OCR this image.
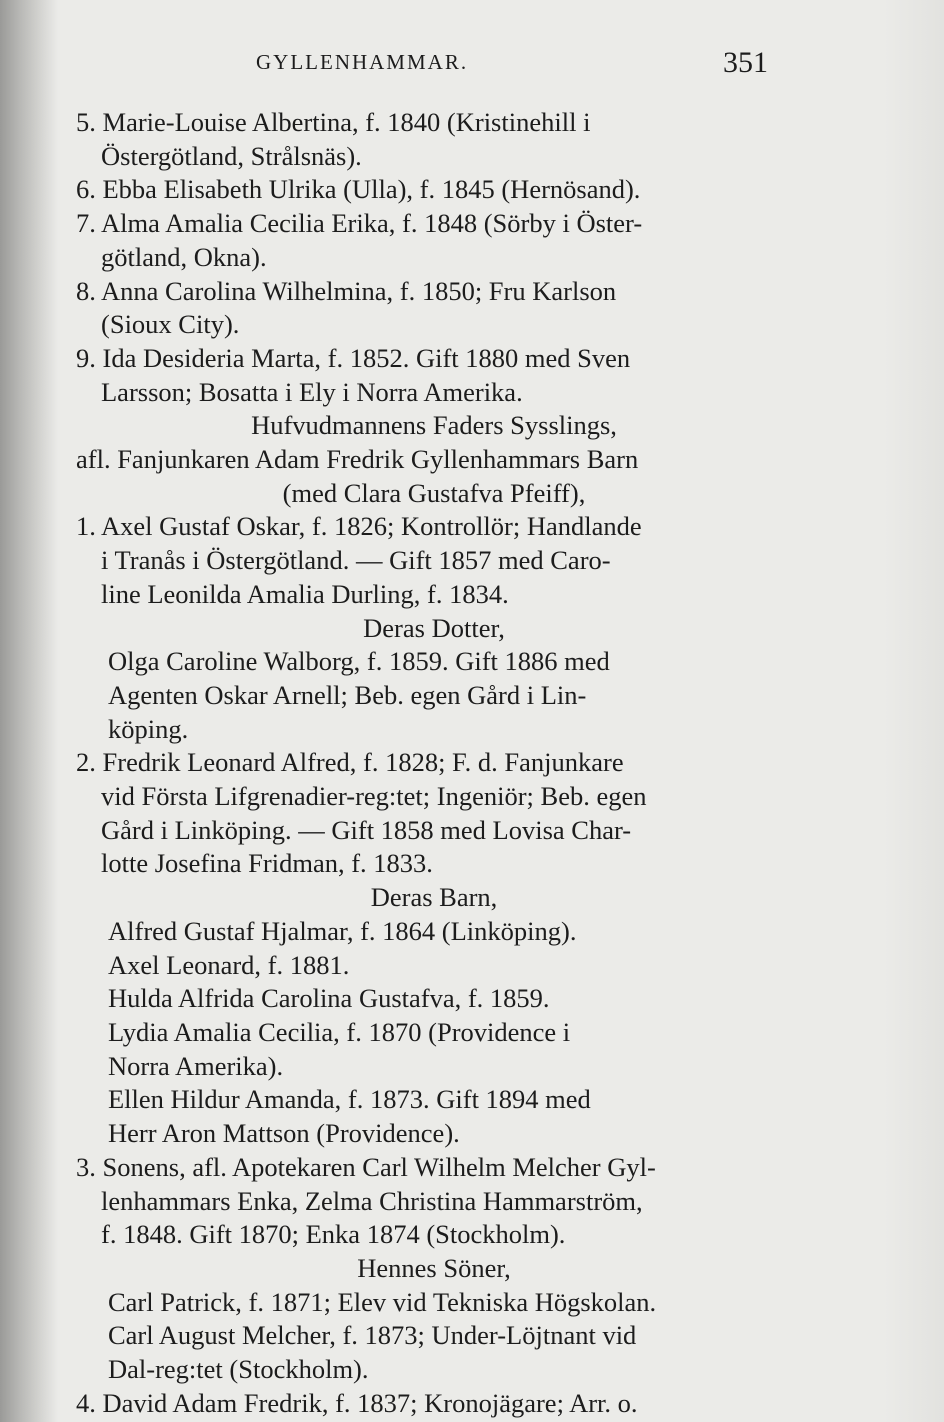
GYLLENHAMMAR.	351
5. Marie-Louise Albertina, f. 1840 (Kristinehill i
Östergötland, Strålsnäs).
6. Ebba Elisabeth Ulrika (Ulla), f. 1845 (Hernösand).
7. Alma Amalia Cecilia Erika, f. 1848 (Sörby i Öster-
götland, Okna).
8. Anna Carolina Wilhelmina, f. 1850; Fru Karlson
(Sioux City).
9. Ida Desideria Marta, f. 1852. Gift 1880 med Sven
Larsson; Bosatta i Ely i Norra Amerika.
Hufvudmannens Faders Sysslings,
afl. Fanjunkaren Adam Fredrik Gyllenhammars Barn
(med Clara Gustafva Pfeiff),
1. Axel Gustaf Oskar, f. 1826; Kontrollör; Handlande
i Tranås i Östergötland. — Gift 1857 med Caro-
line Leonilda Amalia Durling, f. 1834.
Deras Dotter,
Olga Caroline Walborg, f. 1859. Gift 1886 med
Agenten Oskar Arnell; Beb. egen Gård i Lin-
köping.
2. Fredrik Leonard Alfred, f. 1828; F. d. Fanjunkare
vid Första Lifgrenadier-reg:tet; Ingeniör; Beb. egen
Gård i Linköping. — Gift 1858 med Lovisa Char-
lotte Josefina Fridman, f. 1833.
Deras Barn,
Alfred Gustaf Hjalmar, f. 1864 (Linköping).
Axel Leonard, f. 1881.
Hulda Alfrida Carolina Gustafva, f. 1859.
Lydia Amalia Cecilia, f. 1870 (Providence i
Norra Amerika).
Ellen Hildur Amanda, f. 1873. Gift 1894 med
Herr Aron Mattson (Providence).
3. Sonens, afl. Apotekaren Carl Wilhelm Melcher Gyl-
lenhammars Enka, Zelma Christina Hammarström,
f. 1848. Gift 1870; Enka 1874 (Stockholm).
Hennes Söner,
Carl Patrick, f. 1871; Elev vid Tekniska Högskolan.
Carl August Melcher, f. 1873; Under-Löjtnant vid
Dal-reg:tet (Stockholm).
4. David Adam Fredrik, f. 1837; Kronojägare; Arr. o.
